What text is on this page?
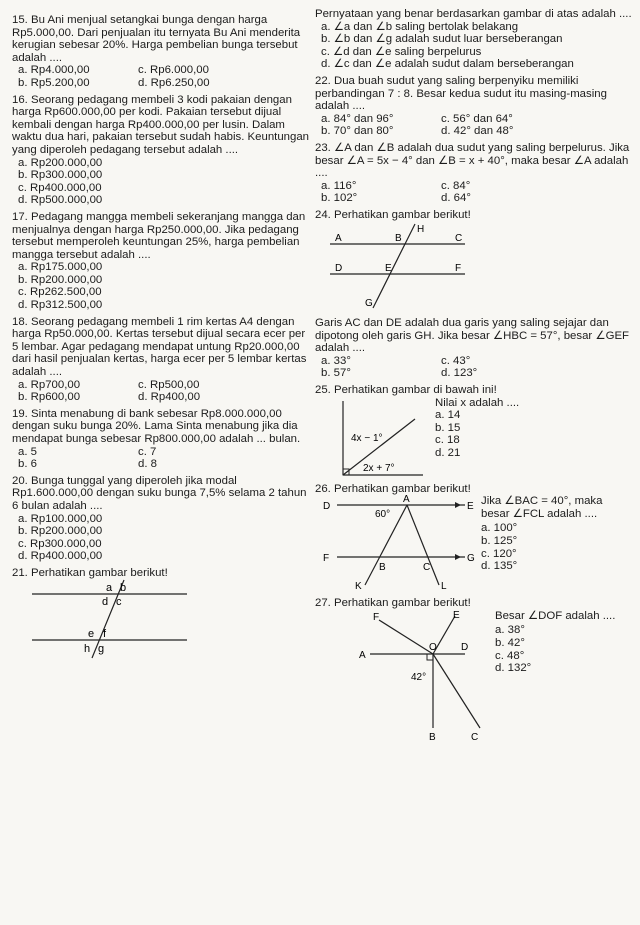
15. Bu Ani menjual setangkai bunga dengan harga Rp5.000,00. Dari penjualan itu ternyata Bu Ani menderita kerugian sebesar 20%. Harga pembelian bunga tersebut adalah ....
a. Rp4.000,00	c. Rp6.000,00
b. Rp5.200,00	d. Rp6.250,00
16. Seorang pedagang membeli 3 kodi pakaian dengan harga Rp600.000,00 per kodi. Pakaian tersebut dijual kembali dengan harga Rp400.000,00 per lusin. Dalam waktu dua hari, pakaian tersebut sudah habis. Keuntungan yang diperoleh pedagang tersebut adalah ....
a. Rp200.000,00
b. Rp300.000,00
c. Rp400.000,00
d. Rp500.000,00
17. Pedagang mangga membeli sekeranjang mangga dan menjualnya dengan harga Rp250.000,00. Jika pedagang tersebut memperoleh keuntungan 25%, harga pembelian mangga tersebut adalah ....
a. Rp175.000,00
b. Rp200.000,00
c. Rp262.500,00
d. Rp312.500,00
18. Seorang pedagang membeli 1 rim kertas A4 dengan harga Rp50.000,00. Kertas tersebut dijual secara ecer per 5 lembar. Agar pedagang mendapat untung Rp20.000,00 dari hasil penjualan kertas, harga ecer per 5 lembar kertas adalah ....
a. Rp700,00	c. Rp500,00
b. Rp600,00	d. Rp400,00
19. Sinta menabung di bank sebesar Rp8.000.000,00 dengan suku bunga 20%. Lama Sinta menabung jika dia mendapat bunga sebesar Rp800.000,00 adalah ... bulan.
a. 5	c. 7
b. 6	d. 8
20. Bunga tunggal yang diperoleh jika modal Rp1.600.000,00 dengan suku bunga 7,5% selama 2 tahun 6 bulan adalah ....
a. Rp100.000,00
b. Rp200.000,00
c. Rp300.000,00
d. Rp400.000,00
21. Perhatikan gambar berikut!
a b
d c
e f
h g
Pernyataan yang benar berdasarkan gambar di atas adalah ....
a. ∠a dan ∠b saling bertolak belakang
b. ∠b dan ∠g adalah sudut luar berseberangan
c. ∠d dan ∠e saling berpelurus
d. ∠c dan ∠e adalah sudut dalam berseberangan
22. Dua buah sudut yang saling berpenyiku memiliki perbandingan 7 : 8. Besar kedua sudut itu masing-masing adalah ....
a. 84° dan 96°	c. 56° dan 64°
b. 70° dan 80°	d. 42° dan 48°
23. ∠A dan ∠B adalah dua sudut yang saling berpelurus. Jika besar ∠A = 5x − 4° dan ∠B = x + 40°, maka besar ∠A adalah ....
a. 116°	c. 84°
b. 102°	d. 64°
24. Perhatikan gambar berikut!
H
A	B	C
D	E	F
G
Garis AC dan DE adalah dua garis yang saling sejajar dan dipotong oleh garis GH. Jika besar ∠HBC = 57°, besar ∠GEF adalah ....
a. 33°	c. 43°
b. 57°	d. 123°
25. Perhatikan gambar di bawah ini!
4x − 1°
2x + 7°
Nilai x adalah ....
a. 14
b. 15
c. 18
d. 21
26. Perhatikan gambar berikut!
A
D	E
60°
F
B	C
G
K	L
Jika ∠BAC = 40°, maka besar ∠FCL adalah ....
a. 100°
b. 125°
c. 120°
d. 135°
27. Perhatikan gambar berikut!
F	E
A
O D
42°
B	C
Besar ∠DOF adalah ....
a. 38°
b. 42°
c. 48°
d. 132°
